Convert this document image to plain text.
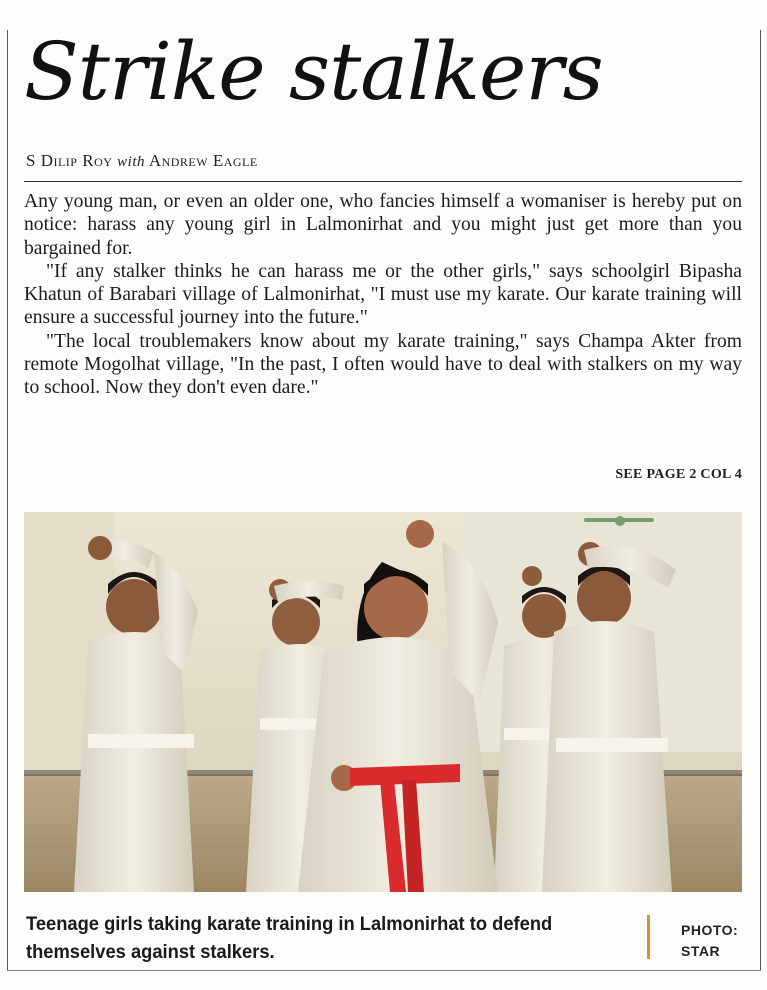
Strike stalkers
S Dilip Roy with Andrew Eagle

Any young man, or even an older one, who fancies himself a womaniser is hereby put on notice: harass any young girl in Lalmonirhat and you might just get more than you bargained for.

"If any stalker thinks he can harass me or the other girls," says schoolgirl Bipasha Khatun of Barabari village of Lalmonirhat, "I must use my karate. Our karate training will ensure a successful journey into the future."

"The local troublemakers know about my karate training," says Champa Akter from remote Mogolhat village, "In the past, I often would have to deal with stalkers on my way to school. Now they don't even dare."

SEE PAGE 2 COL 4
Teenage girls taking karate training in Lalmonirhat to defend themselves against stalkers.
PHOTO:
STAR
